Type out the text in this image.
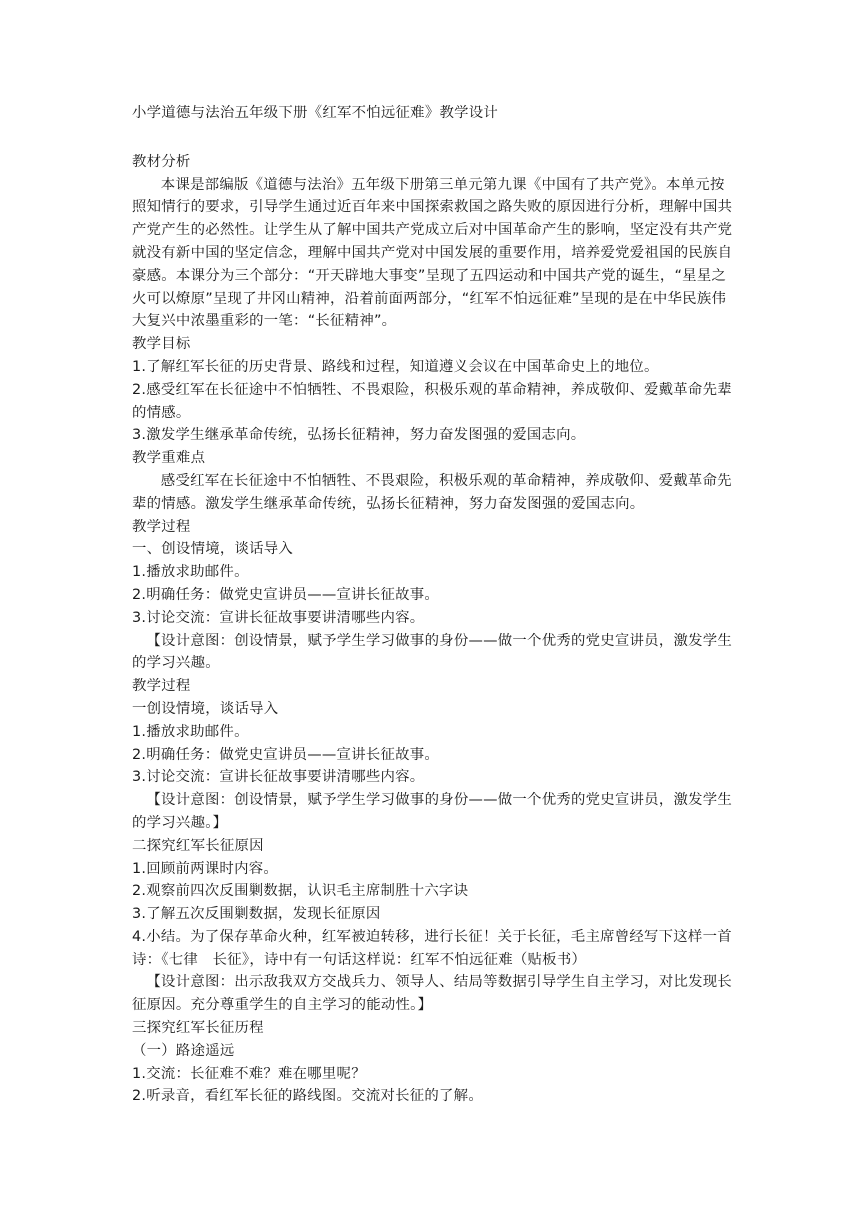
小学道德与法治五年级下册《红军不怕远征难》教学设计
教材分析
本课是部编版《道德与法治》五年级下册第三单元第九课《中国有了共产党》。本单元按照知情行的要求，引导学生通过近百年来中国探索救国之路失败的原因进行分析，理解中国共产党产生的必然性。让学生从了解中国共产党成立后对中国革命产生的影响，坚定没有共产党就没有新中国的坚定信念，理解中国共产党对中国发展的重要作用，培养爱党爱祖国的民族自豪感。本课分为三个部分：“开天辟地大事变”呈现了五四运动和中国共产党的诞生，“星星之火可以燎原”呈现了井冈山精神，沿着前面两部分，“红军不怕远征难”呈现的是在中华民族伟大复兴中浓墨重彩的一笔：“长征精神”。
教学目标
1.了解红军长征的历史背景、路线和过程，知道遵义会议在中国革命史上的地位。
2.感受红军在长征途中不怕牺牲、不畏艰险，积极乐观的革命精神，养成敬仰、爱戴革命先辈的情感。
3.激发学生继承革命传统，弘扬长征精神，努力奋发图强的爱国志向。
教学重难点
感受红军在长征途中不怕牺牲、不畏艰险，积极乐观的革命精神，养成敬仰、爱戴革命先辈的情感。激发学生继承革命传统，弘扬长征精神，努力奋发图强的爱国志向。
教学过程
一、创设情境，谈话导入
1.播放求助邮件。
2.明确任务：做党史宣讲员——宣讲长征故事。
3.讨论交流：宣讲长征故事要讲清哪些内容。
【设计意图：创设情景，赋予学生学习做事的身份——做一个优秀的党史宣讲员，激发学生的学习兴趣。
教学过程
一创设情境，谈话导入
1.播放求助邮件。
2.明确任务：做党史宣讲员——宣讲长征故事。
3.讨论交流：宣讲长征故事要讲清哪些内容。
【设计意图：创设情景，赋予学生学习做事的身份——做一个优秀的党史宣讲员，激发学生的学习兴趣。】
二探究红军长征原因
1.回顾前两课时内容。
2.观察前四次反围剿数据，认识毛主席制胜十六字诀
3.了解五次反围剿数据，发现长征原因
4.小结。为了保存革命火种，红军被迫转移，进行长征！关于长征，毛主席曾经写下这样一首诗：《七律　长征》，诗中有一句话这样说：红军不怕远征难（贴板书）
【设计意图：出示敌我双方交战兵力、领导人、结局等数据引导学生自主学习，对比发现长征原因。充分尊重学生的自主学习的能动性。】
三探究红军长征历程
（一）路途遥远
1.交流：长征难不难？难在哪里呢？
2.听录音，看红军长征的路线图。交流对长征的了解。
